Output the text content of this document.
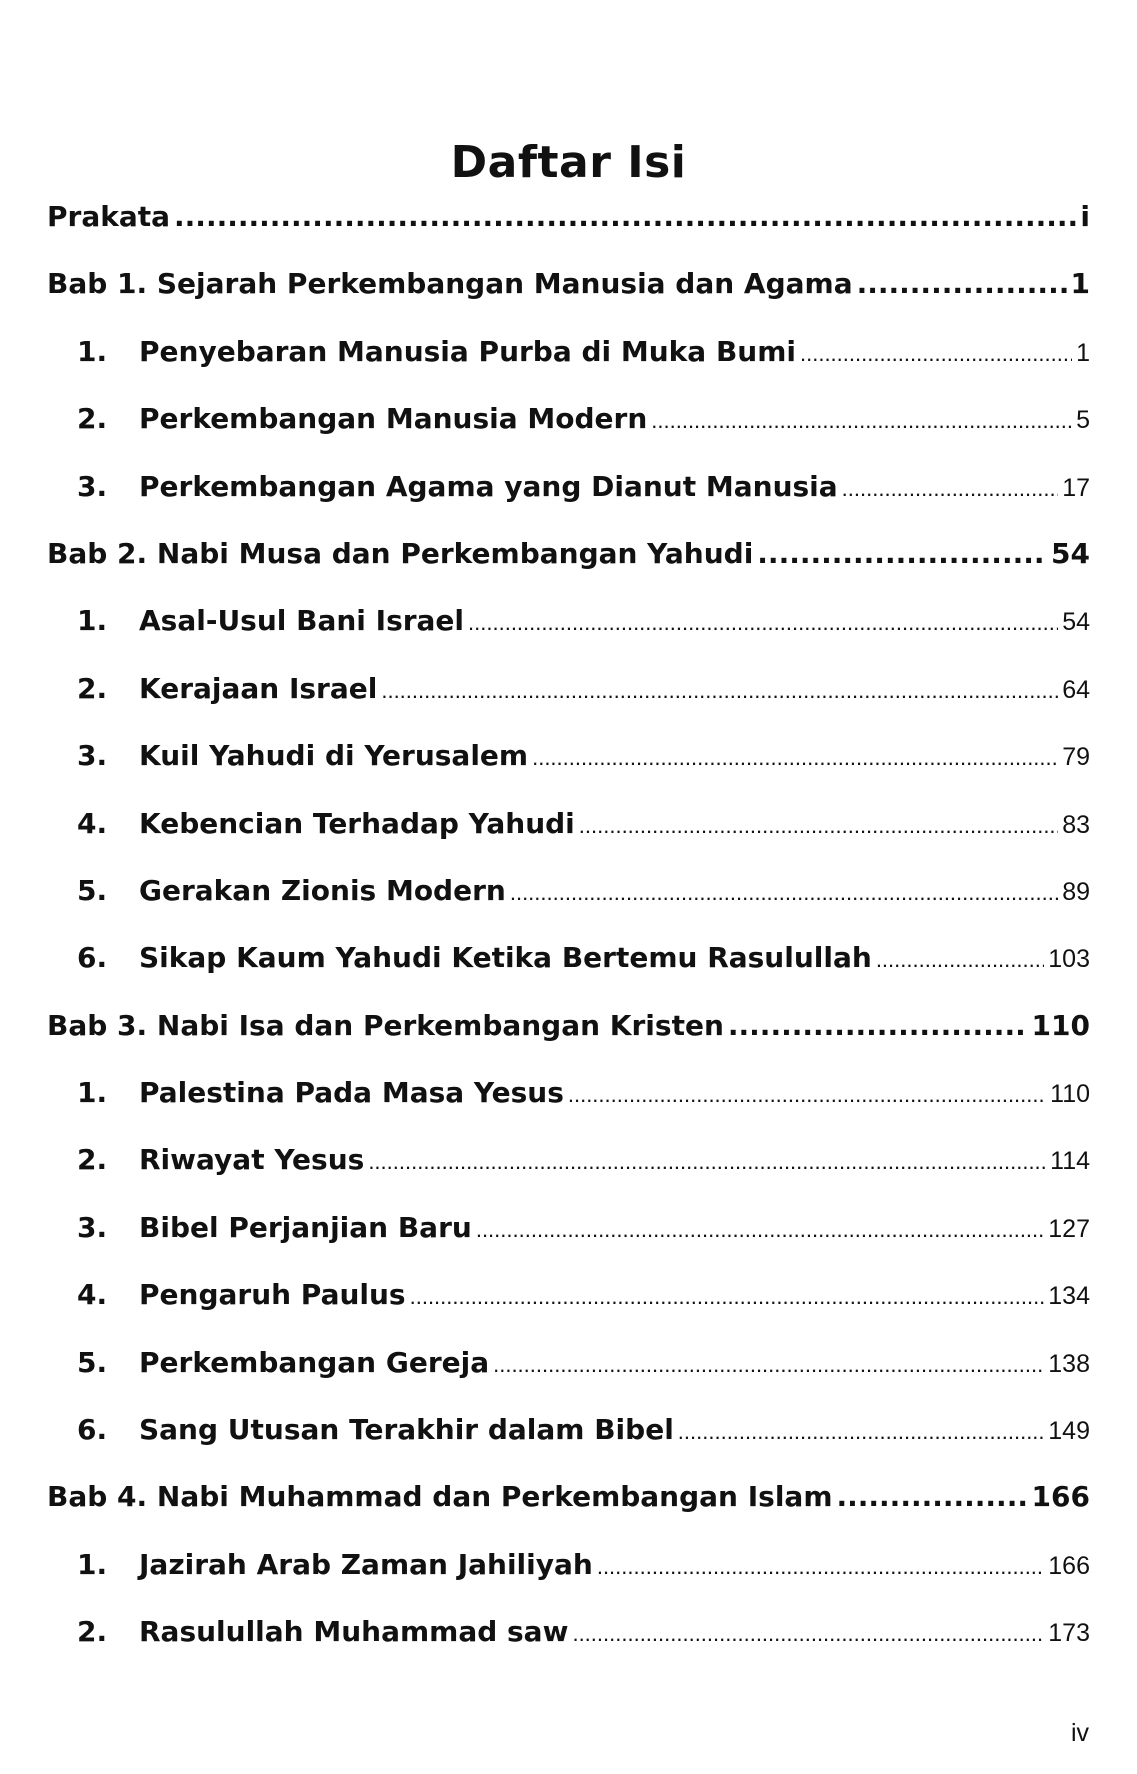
Daftar Isi
Prakata .....	i
Bab 1. Sejarah Perkembangan Manusia dan Agama .....	1
1.	Penyebaran Manusia Purba di Muka Bumi .....	1
2.	Perkembangan Manusia Modern .....	5
3.	Perkembangan Agama yang Dianut Manusia .....	17
Bab 2. Nabi Musa dan Perkembangan Yahudi .....	54
1.	Asal-Usul Bani Israel .....	54
2.	Kerajaan Israel .....	64
3.	Kuil Yahudi di Yerusalem .....	79
4.	Kebencian Terhadap Yahudi .....	83
5.	Gerakan Zionis Modern .....	89
6.	Sikap Kaum Yahudi Ketika Bertemu Rasulullah .....	103
Bab 3. Nabi Isa dan Perkembangan Kristen .....	110
1.	Palestina Pada Masa Yesus .....	110
2.	Riwayat Yesus .....	114
3.	Bibel Perjanjian Baru .....	127
4.	Pengaruh Paulus .....	134
5.	Perkembangan Gereja .....	138
6.	Sang Utusan Terakhir dalam Bibel .....	149
Bab 4. Nabi Muhammad dan Perkembangan Islam .....	166
1.	Jazirah Arab Zaman Jahiliyah .....	166
2.	Rasulullah Muhammad saw .....	173
iv
